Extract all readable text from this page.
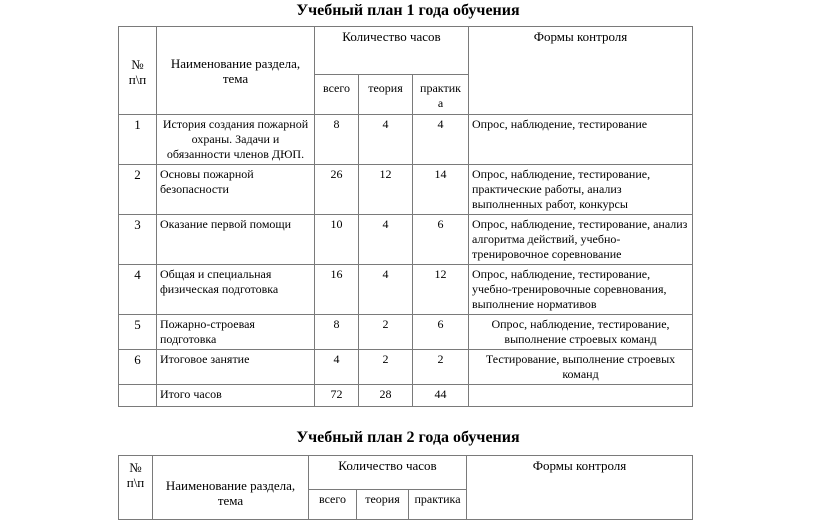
Учебный план 1 года обучения
№ п\п	Наименование раздела, тема	Количество часов			Формы контроля
		всего	теория	практик а	
1	История создания пожарной охраны. Задачи и обязанности членов ДЮП.	8	4	4	Опрос, наблюдение, тестирование
2	Основы пожарной безопасности	26	12	14	Опрос, наблюдение, тестирование, практические работы, анализ выполненных работ, конкурсы
3	Оказание первой помощи	10	4	6	Опрос, наблюдение, тестирование, анализ алгоритма действий, учебно-тренировочное соревнование
4	Общая и специальная физическая подготовка	16	4	12	Опрос, наблюдение, тестирование, учебно-тренировочные соревнования, выполнение нормативов
5	Пожарно-строевая подготовка	8	2	6	Опрос, наблюдение, тестирование, выполнение строевых команд
6	Итоговое занятие	4	2	2	Тестирование, выполнение строевых команд
	Итого часов	72	28	44	
Учебный план 2 года обучения
№ п\п	Наименование раздела, тема	Количество часов			Формы контроля
		всего	теория	практика	
